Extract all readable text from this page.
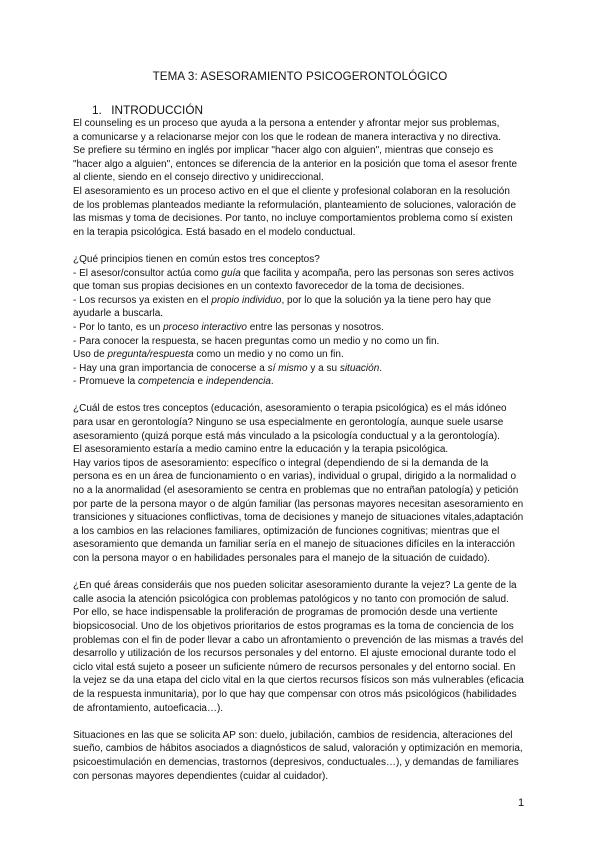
TEMA 3: ASESORAMIENTO PSICOGERONTOLÓGICO
1. INTRODUCCIÓN

El counseling es un proceso que ayuda a la persona a entender y afrontar mejor sus problemas,

a comunicarse y a relacionarse mejor con los que le rodean de manera interactiva y no directiva.

Se prefiere su término en inglés por implicar "hacer algo con alguien", mientras que consejo es

"hacer algo a alguien", entonces se diferencia de la anterior en la posición que toma el asesor frente

al cliente, siendo en el consejo directivo y unidireccional.

El asesoramiento es un proceso activo en el que el cliente y profesional colaboran en la resolución

de los problemas planteados mediante la reformulación, planteamiento de soluciones, valoración de

las mismas y toma de decisiones. Por tanto, no incluye comportamientos problema como sí existen

en la terapia psicológica. Está basado en el modelo conductual.

¿Qué principios tienen en común estos tres conceptos?

- El asesor/consultor actúa como guía que facilita y acompaña, pero las personas son seres activos

que toman sus propias decisiones en un contexto favorecedor de la toma de decisiones.

- Los recursos ya existen en el propio individuo, por lo que la solución ya la tiene pero hay que

ayudarle a buscarla.

- Por lo tanto, es un proceso interactivo entre las personas y nosotros.

- Para conocer la respuesta, se hacen preguntas como un medio y no como un fin.

Uso de pregunta/respuesta como un medio y no como un fin.

- Hay una gran importancia de conocerse a sí mismo y a su situación.

- Promueve la competencia e independencia.

¿Cuál de estos tres conceptos (educación, asesoramiento o terapia psicológica) es el más idóneo

para usar en gerontología? Ninguno se usa especialmente en gerontología, aunque suele usarse

asesoramiento (quizá porque está más vinculado a la psicología conductual y a la gerontología).

El asesoramiento estaría a medio camino entre la educación y la terapia psicológica.

Hay varios tipos de asesoramiento: específico o integral (dependiendo de si la demanda de la

persona es en un área de funcionamiento o en varias), individual o grupal, dirigido a la normalidad o

no a la anormalidad (el asesoramiento se centra en problemas que no entrañan patología) y petición

por parte de la persona mayor o de algún familiar (las personas mayores necesitan asesoramiento en

transiciones y situaciones conflictivas, toma de decisiones y manejo de situaciones vitales,adaptación

a los cambios en las relaciones familiares, optimización de funciones cognitivas; mientras que el

asesoramiento que demanda un familiar sería en el manejo de situaciones difíciles en la interacción

con la persona mayor o en habilidades personales para el manejo de la situación de cuidado).

¿En qué áreas consideráis que nos pueden solicitar asesoramiento durante la vejez? La gente de la

calle asocia la atención psicológica con problemas patológicos y no tanto con promoción de salud.

Por ello, se hace indispensable la proliferación de programas de promoción desde una vertiente

biopsicosocial. Uno de los objetivos prioritarios de estos programas es la toma de conciencia de los

problemas con el fin de poder llevar a cabo un afrontamiento o prevención de las mismas a través del

desarrollo y utilización de los recursos personales y del entorno. El ajuste emocional durante todo el

ciclo vital está sujeto a poseer un suficiente número de recursos personales y del entorno social. En

la vejez se da una etapa del ciclo vital en la que ciertos recursos físicos son más vulnerables (eficacia

de la respuesta inmunitaria), por lo que hay que compensar con otros más psicológicos (habilidades

de afrontamiento, autoeficacia…).

Situaciones en las que se solicita AP son: duelo, jubilación, cambios de residencia, alteraciones del

sueño, cambios de hábitos asociados a diagnósticos de salud, valoración y optimización en memoria,

psicoestimulación en demencias, trastornos (depresivos, conductuales…), y demandas de familiares

con personas mayores dependientes (cuidar al cuidador).

1
